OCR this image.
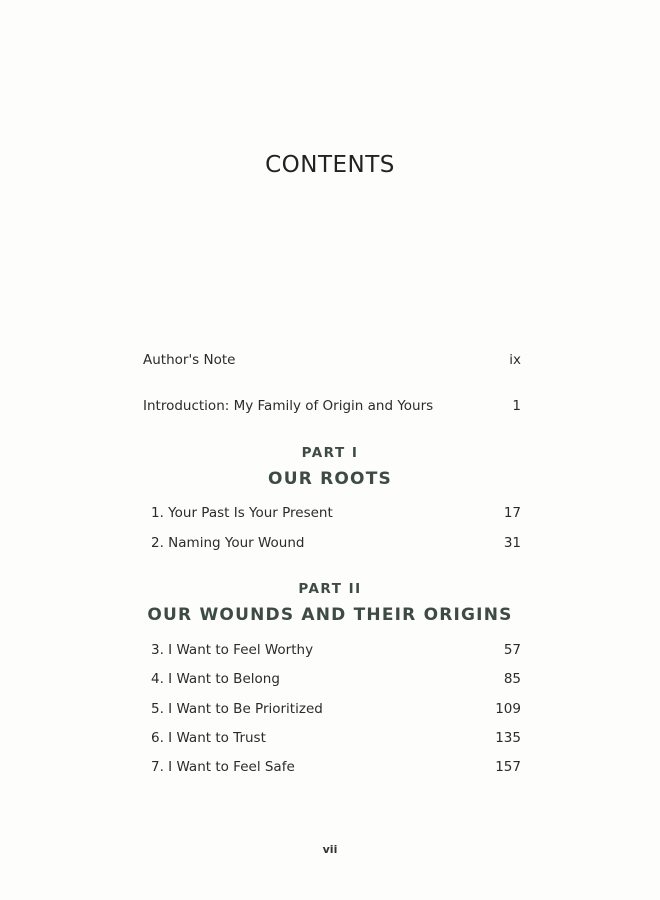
CONTENTS
Author's Note	ix
Introduction: My Family of Origin and Yours	1
PART I
OUR ROOTS
1. Your Past Is Your Present	17
2. Naming Your Wound	31
PART II
OUR WOUNDS AND THEIR ORIGINS
3. I Want to Feel Worthy	57
4. I Want to Belong	85
5. I Want to Be Prioritized	109
6. I Want to Trust	135
7. I Want to Feel Safe	157
vii
